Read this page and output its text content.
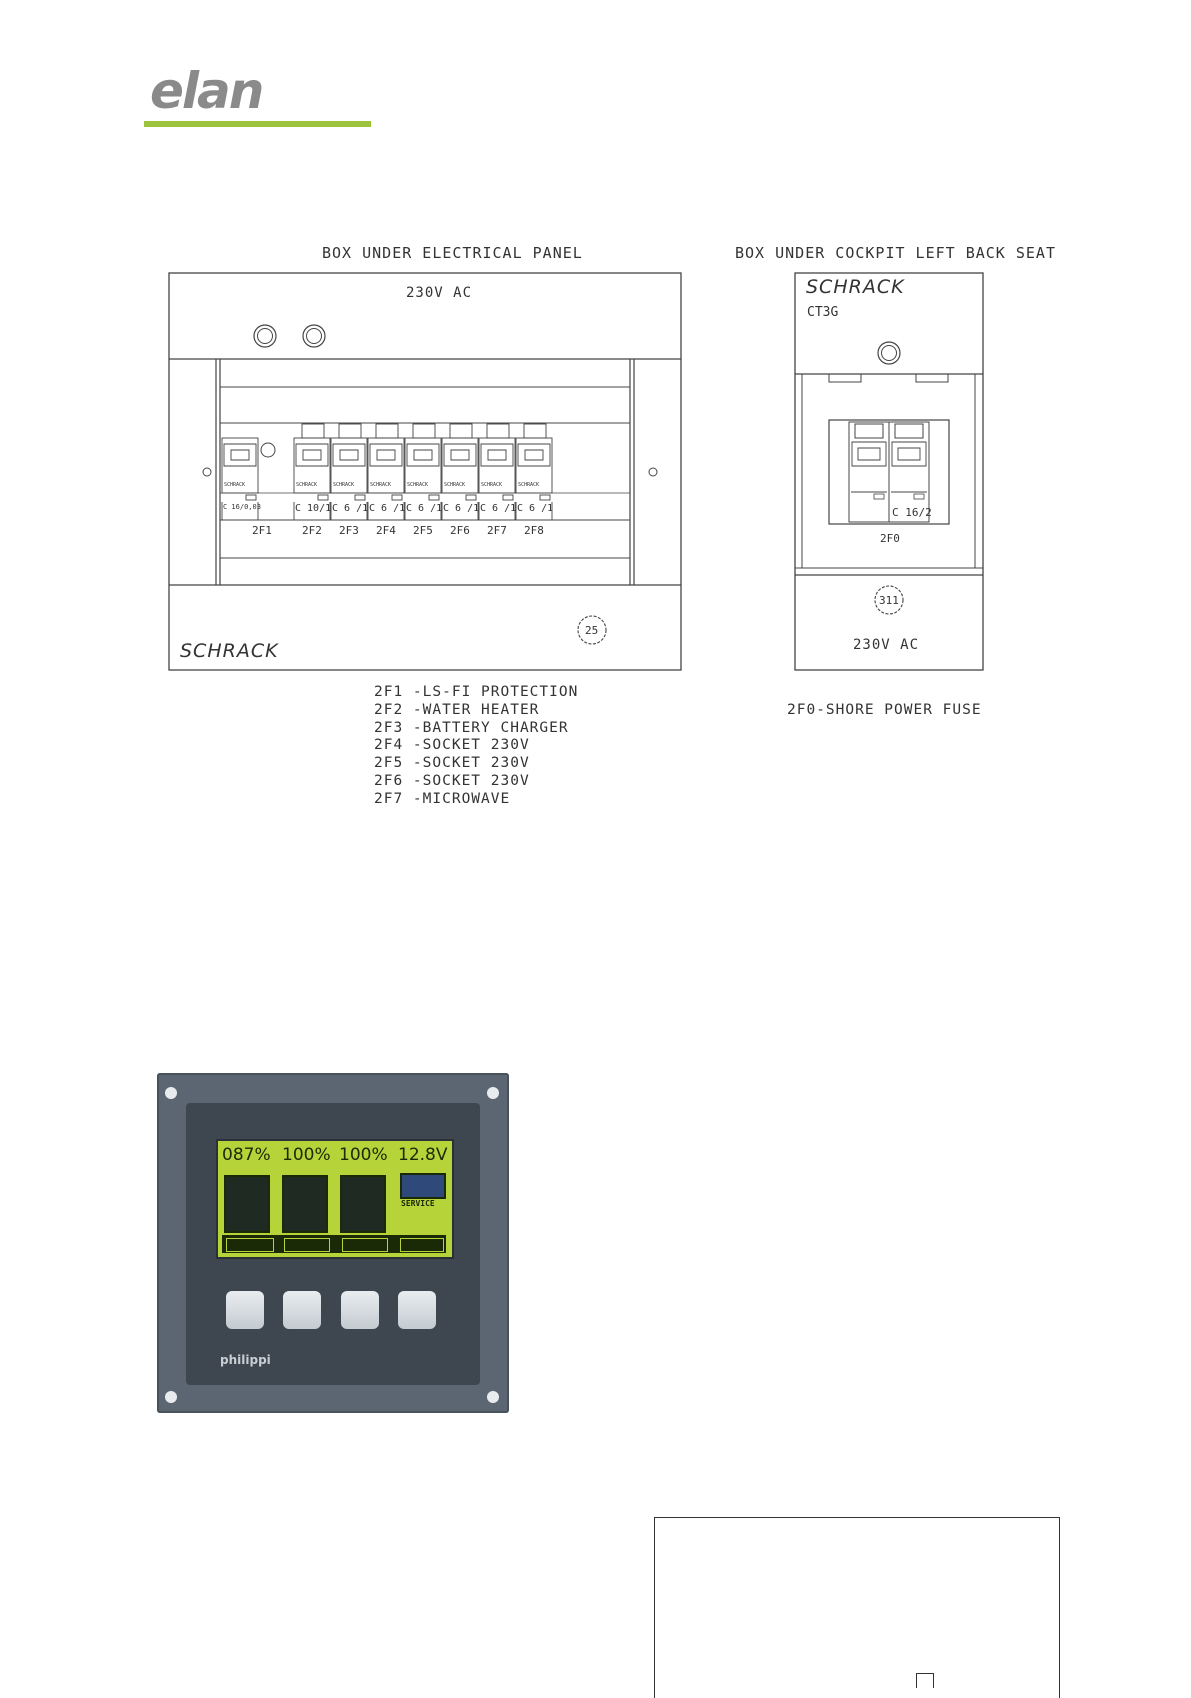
elan
BOX UNDER ELECTRICAL PANEL
230V AC
SCHRACK
25
SCHRACK
C 16/0,03
2F1
SCHRACK
C 10/1
2F2
SCHRACK
C 6 /1
2F3
SCHRACK
C 6 /1
2F4
SCHRACK
C 6 /1
2F5
SCHRACK
C 6 /1
2F6
SCHRACK
C 6 /1
2F7
SCHRACK
C 6 /1
2F8
2F1 -LS-FI PROTECTION
2F2 -WATER HEATER
2F3 -BATTERY CHARGER
2F4 -SOCKET 230V
2F5 -SOCKET 230V
2F6 -SOCKET 230V
2F7 -MICROWAVE
BOX UNDER COCKPIT LEFT BACK SEAT
SCHRACK
CT3G
C 16/2
2F0
311
230V AC
2F0-SHORE POWER FUSE
087% 100% 100% 12.8V
SERVICE
philippi
